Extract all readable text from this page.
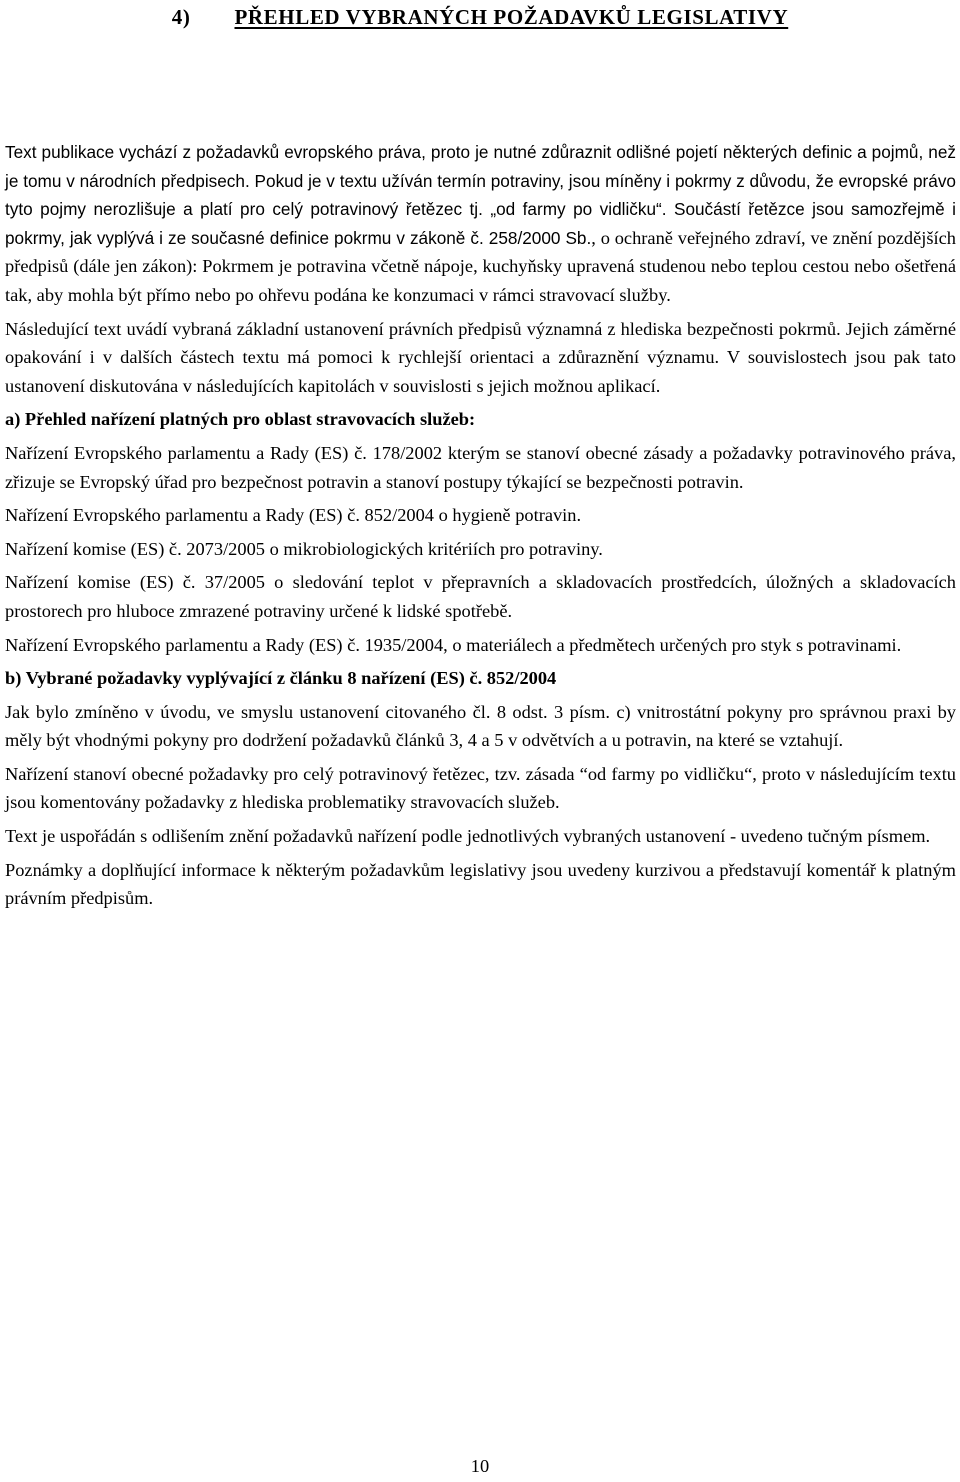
4) PŘEHLED VYBRANÝCH POŽADAVKŮ LEGISLATIVY

Text publikace vychází z požadavků evropského práva, proto je nutné zdůraznit odlišné pojetí některých definic a pojmů, než je tomu v národních předpisech. Pokud je v textu užíván termín potraviny, jsou míněny i pokrmy z důvodu, že evropské právo tyto pojmy nerozlišuje a platí pro celý potravinový řetězec tj. „od farmy po vidličku“. Součástí řetězce jsou samozřejmě i pokrmy, jak vyplývá i ze současné definice pokrmu v zákoně č. 258/2000 Sb., o ochraně veřejného zdraví, ve znění pozdějších předpisů (dále jen zákon): Pokrmem je potravina včetně nápoje, kuchyňsky upravená studenou nebo teplou cestou nebo ošetřená tak, aby mohla být přímo nebo po ohřevu podána ke konzumaci v rámci stravovací služby.

Následující text uvádí vybraná základní ustanovení právních předpisů významná z hlediska bezpečnosti pokrmů. Jejich záměrné opakování i v dalších částech textu má pomoci k rychlejší orientaci a zdůraznění významu. V souvislostech jsou pak tato ustanovení diskutována v následujících kapitolách v souvislosti s jejich možnou aplikací.

a) Přehled nařízení platných pro oblast stravovacích služeb:

Nařízení Evropského parlamentu a Rady (ES) č. 178/2002 kterým se stanoví obecné zásady a požadavky potravinového práva, zřizuje se Evropský úřad pro bezpečnost potravin a stanoví postupy týkající se bezpečnosti potravin.

Nařízení Evropského parlamentu a Rady (ES) č. 852/2004 o hygieně potravin.

Nařízení komise (ES) č. 2073/2005 o mikrobiologických kritériích pro potraviny.

Nařízení komise (ES) č. 37/2005 o sledování teplot v přepravních a skladovacích prostředcích, úložných a skladovacích prostorech pro hluboce zmrazené potraviny určené k lidské spotřebě.

Nařízení Evropského parlamentu a Rady (ES) č. 1935/2004, o materiálech a předmětech určených pro styk s potravinami.

b) Vybrané požadavky vyplývající z článku 8 nařízení (ES) č. 852/2004

Jak bylo zmíněno v úvodu, ve smyslu ustanovení citovaného čl. 8 odst. 3 písm. c) vnitrostátní pokyny pro správnou praxi by měly být vhodnými pokyny pro dodržení požadavků článků 3, 4 a 5 v odvětvích a u potravin, na které se vztahují.

Nařízení stanoví obecné požadavky pro celý potravinový řetězec, tzv. zásada “od farmy po vidličku“, proto v následujícím textu jsou komentovány požadavky z hlediska problematiky stravovacích služeb.

Text je uspořádán s odlišením znění požadavků nařízení podle jednotlivých vybraných ustanovení - uvedeno tučným písmem.

Poznámky a doplňující informace k některým požadavkům legislativy jsou uvedeny kurzivou a představují komentář k platným právním předpisům.

10
